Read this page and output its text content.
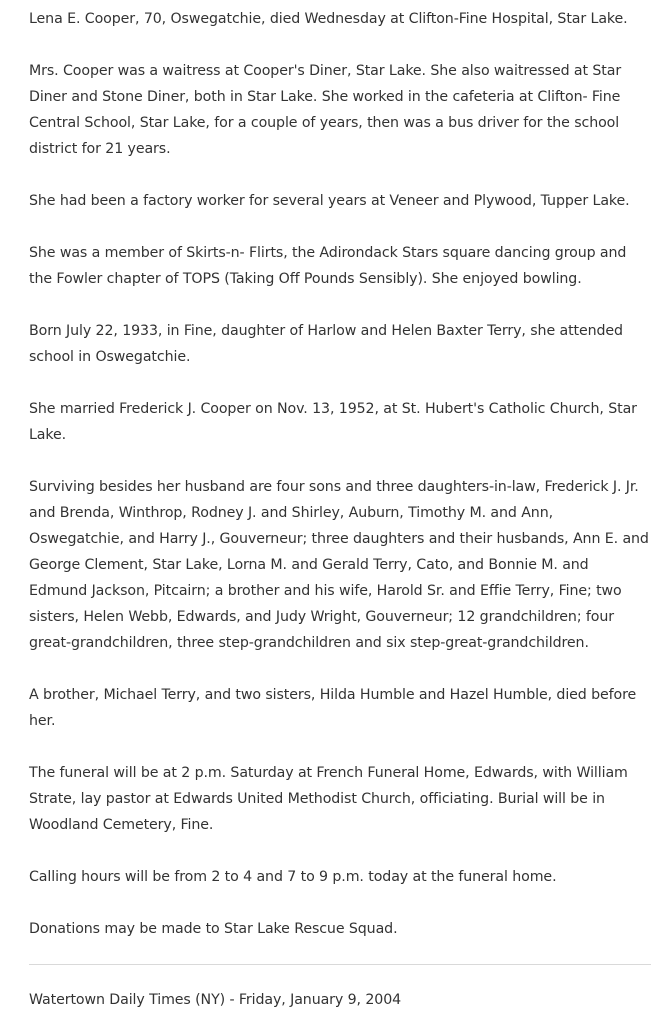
Lena E. Cooper, 70, Oswegatchie, died Wednesday at Clifton-Fine Hospital, Star Lake.

Mrs. Cooper was a waitress at Cooper's Diner, Star Lake. She also waitressed at Star Diner and Stone Diner, both in Star Lake. She worked in the cafeteria at Clifton- Fine Central School, Star Lake, for a couple of years, then was a bus driver for the school district for 21 years.

She had been a factory worker for several years at Veneer and Plywood, Tupper Lake.

She was a member of Skirts-n- Flirts, the Adirondack Stars square dancing group and the Fowler chapter of TOPS (Taking Off Pounds Sensibly). She enjoyed bowling.

Born July 22, 1933, in Fine, daughter of Harlow and Helen Baxter Terry, she attended school in Oswegatchie.

She married Frederick J. Cooper on Nov. 13, 1952, at St. Hubert's Catholic Church, Star Lake.

Surviving besides her husband are four sons and three daughters-in-law, Frederick J. Jr. and Brenda, Winthrop, Rodney J. and Shirley, Auburn, Timothy M. and Ann, Oswegatchie, and Harry J., Gouverneur; three daughters and their husbands, Ann E. and George Clement, Star Lake, Lorna M. and Gerald Terry, Cato, and Bonnie M. and Edmund Jackson, Pitcairn; a brother and his wife, Harold Sr. and Effie Terry, Fine; two sisters, Helen Webb, Edwards, and Judy Wright, Gouverneur; 12 grandchildren; four great-grandchildren, three step-grandchildren and six step-great-grandchildren.

A brother, Michael Terry, and two sisters, Hilda Humble and Hazel Humble, died before her.

The funeral will be at 2 p.m. Saturday at French Funeral Home, Edwards, with William Strate, lay pastor at Edwards United Methodist Church, officiating. Burial will be in Woodland Cemetery, Fine.

Calling hours will be from 2 to 4 and 7 to 9 p.m. today at the funeral home.

Donations may be made to Star Lake Rescue Squad.

Watertown Daily Times (NY) - Friday, January 9, 2004
